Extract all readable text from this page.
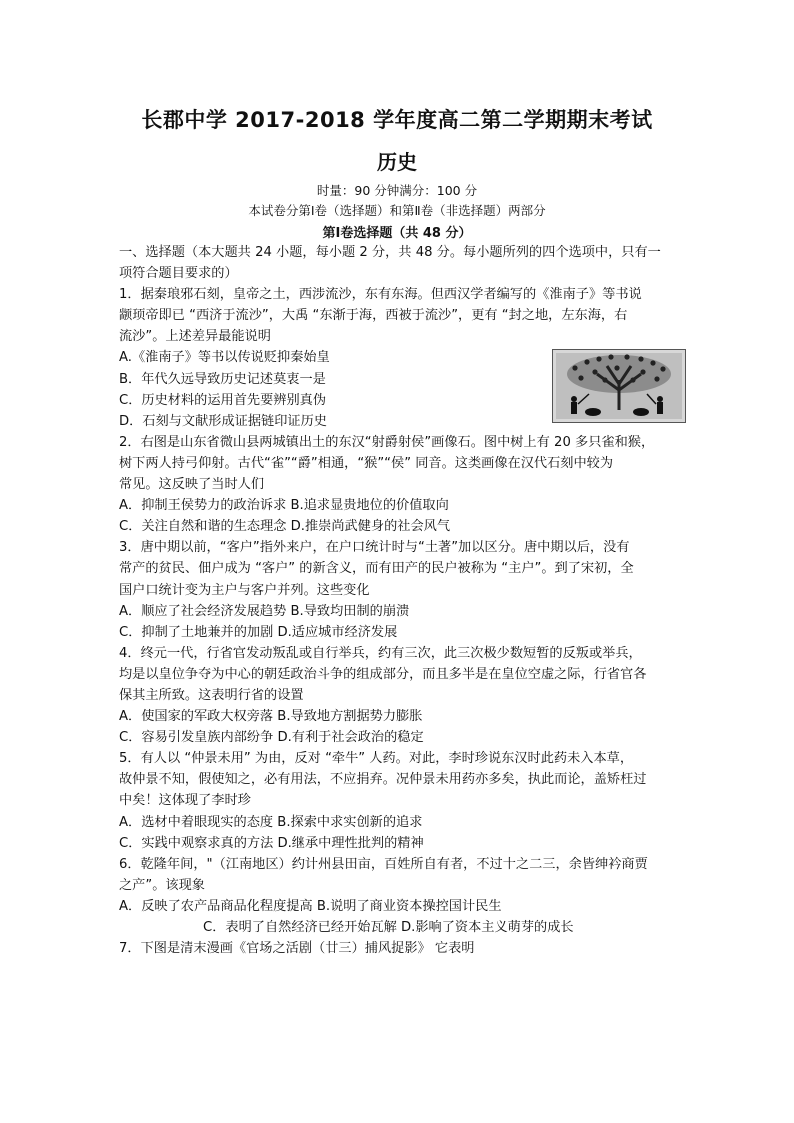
长郡中学 2017-2018 学年度高二第二学期期末考试
历史
时量：90 分钟满分：100 分
本试卷分第Ⅰ卷（选择题）和第Ⅱ卷（非选择题）两部分
第Ⅰ卷选择题（共 48 分）

一、选择题（本大题共 24 小题，每小题 2 分，共 48 分。每小题所列的四个选项中，只有一

项符合题目要求的）

1．据秦琅邪石刻，皇帝之土，西涉流沙，东有东海。但西汉学者编写的《淮南子》等书说

颛顼帝即已 “西济于流沙”，大禹 “东渐于海，西被于流沙”，更有 “封之地，左东海，右

流沙”。上述差异最能说明

A.《淮南子》等书以传说贬抑秦始皇

B．年代久远导致历史记述莫衷一是

C．历史材料的运用首先要辨别真伪

D．石刻与文献形成证据链印证历史

2．右图是山东省微山县两城镇出土的东汉“射爵射侯”画像石。图中树上有 20 多只雀和猴，

树下两人持弓仰射。古代“雀”“爵”相通，“猴”“侯” 同音。这类画像在汉代石刻中较为

常见。这反映了当时人们

A．抑制王侯势力的政治诉求 B.追求显贵地位的价值取向

C．关注自然和谐的生态理念 D.推崇尚武健身的社会风气

3．唐中期以前，“客户”指外来户，在户口统计时与“土著”加以区分。唐中期以后，没有

常产的贫民、佃户成为 “客户” 的新含义，而有田产的民户被称为 “主户”。到了宋初，全

国户口统计变为主户与客户并列。这些变化

A．顺应了社会经济发展趋势 B.导致均田制的崩溃

C．抑制了土地兼并的加剧 D.适应城市经济发展

4．终元一代，行省官发动叛乱或自行举兵，约有三次，此三次极少数短暂的反叛或举兵，

均是以皇位争夺为中心的朝廷政治斗争的组成部分，而且多半是在皇位空虚之际，行省官各

保其主所致。这表明行省的设置

A．使国家的军政大权旁落 B.导致地方割据势力膨胀

C．容易引发皇族内部纷争 D.有利于社会政治的稳定

5．有人以 “仲景未用” 为由，反对 “牵牛” 人药。对此，李时珍说东汉时此药未入本草，

故仲景不知，假使知之，必有用法，不应捐弃。况仲景未用药亦多矣，执此而论，盖矫枉过

中矣！这体现了李时珍

A．选材中着眼现实的态度 B.探索中求实创新的追求

C．实践中观察求真的方法 D.继承中理性批判的精神

6．乾隆年间，"（江南地区）约计州县田亩，百姓所自有者，不过十之二三，余皆绅衿商贾

之产”。该现象

A．反映了农产品商品化程度提高 B.说明了商业资本操控国计民生

C．表明了自然经济已经开始瓦解 D.影响了资本主义萌芽的成长

7．下图是清末漫画《官场之活剧（廿三）捕风捉影》 它表明
